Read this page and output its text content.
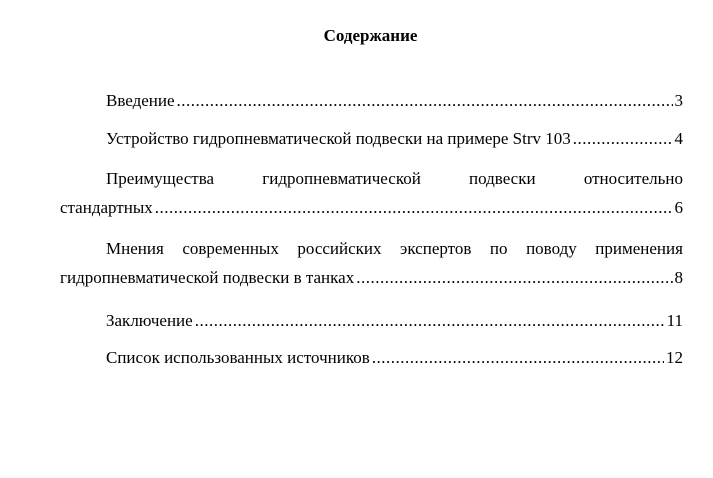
Содержание
Введение .....	3
Устройство гидропневматической подвески на примере Strv 103 .....	4
Преимущества	гидропневматической	подвески	относительно
стандартных .....	6
Мнения современных российских экспертов по поводу применения
гидропневматической подвески в танках .....	8
Заключение .....	11
Список использованных источников .....	12
